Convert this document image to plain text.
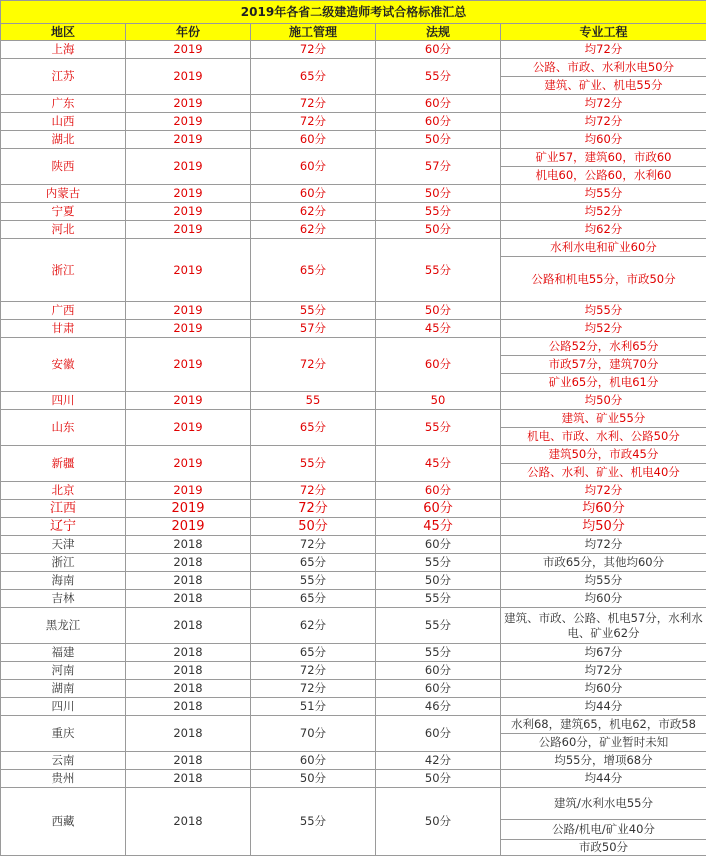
2019年各省二级建造师考试合格标准汇总				
地区	年份	施工管理	法规	专业工程
上海	2019	72分	60分	均72分
江苏	2019	65分	55分	公路、市政、水利水电50分
				建筑、矿业、机电55分
广东	2019	72分	60分	均72分
山西	2019	72分	60分	均72分
湖北	2019	60分	50分	均60分
陕西	2019	60分	57分	矿业57，建筑60，市政60
				机电60，公路60，水利60
内蒙古	2019	60分	50分	均55分
宁夏	2019	62分	55分	均52分
河北	2019	62分	50分	均62分
浙江	2019	65分	55分	水利水电和矿业60分
				公路和机电55分，市政50分
广西	2019	55分	50分	均55分
甘肃	2019	57分	45分	均52分
安徽	2019	72分	60分	公路52分，水利65分
				市政57分，建筑70分
				矿业65分，机电61分
四川	2019	55	50	均50分
山东	2019	65分	55分	建筑、矿业55分
				机电、市政、水利、公路50分
新疆	2019	55分	45分	建筑50分，市政45分
				公路、水利、矿业、机电40分
北京	2019	72分	60分	均72分
江西	2019	72分	60分	均60分
辽宁	2019	50分	45分	均50分
天津	2018	72分	60分	均72分
浙江	2018	65分	55分	市政65分，其他均60分
海南	2018	55分	50分	均55分
吉林	2018	65分	55分	均60分
黑龙江	2018	62分	55分	建筑、市政、公路、机电57分，水利水电、矿业62分
福建	2018	65分	55分	均67分
河南	2018	72分	60分	均72分
湖南	2018	72分	60分	均60分
四川	2018	51分	46分	均44分
重庆	2018	70分	60分	水利68，建筑65，机电62，市政58
				公路60分，矿业暂时未知
云南	2018	60分	42分	均55分，增项68分
贵州	2018	50分	50分	均44分
西藏	2018	55分	50分	建筑/水利水电55分
				公路/机电/矿业40分
				市政50分
